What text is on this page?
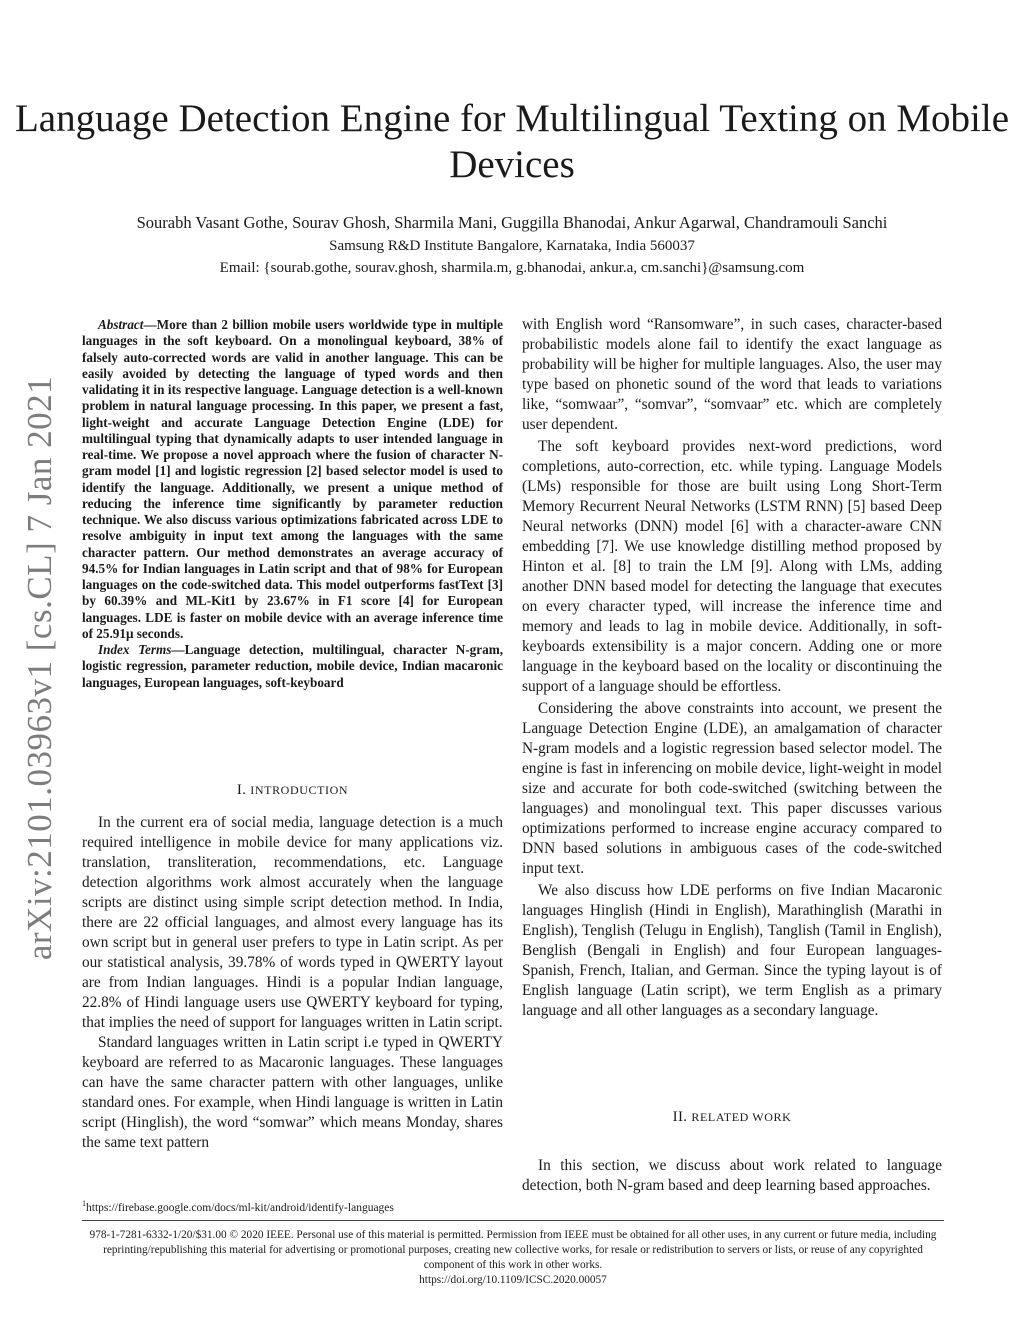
Language Detection Engine for Multilingual Texting on Mobile Devices
Sourabh Vasant Gothe, Sourav Ghosh, Sharmila Mani, Guggilla Bhanodai, Ankur Agarwal, Chandramouli Sanchi
Samsung R&D Institute Bangalore, Karnataka, India 560037
Email: {sourab.gothe, sourav.ghosh, sharmila.m, g.bhanodai, ankur.a, cm.sanchi}@samsung.com
arXiv:2101.03963v1 [cs.CL] 7 Jan 2021
Abstract—More than 2 billion mobile users worldwide type in multiple languages in the soft keyboard. On a monolingual keyboard, 38% of falsely auto-corrected words are valid in another language. This can be easily avoided by detecting the language of typed words and then validating it in its respective language. Language detection is a well-known problem in natural language processing. In this paper, we present a fast, light-weight and accurate Language Detection Engine (LDE) for multilingual typing that dynamically adapts to user intended language in real-time. We propose a novel approach where the fusion of character N-gram model [1] and logistic regression [2] based selector model is used to identify the language. Additionally, we present a unique method of reducing the inference time significantly by parameter reduction technique. We also discuss various optimizations fabricated across LDE to resolve ambiguity in input text among the languages with the same character pattern. Our method demonstrates an average accuracy of 94.5% for Indian languages in Latin script and that of 98% for European languages on the code-switched data. This model outperforms fastText [3] by 60.39% and ML-Kit1 by 23.67% in F1 score [4] for European languages. LDE is faster on mobile device with an average inference time of 25.91μ seconds.
Index Terms—Language detection, multilingual, character N-gram, logistic regression, parameter reduction, mobile device, Indian macaronic languages, European languages, soft-keyboard
I. INTRODUCTION

In the current era of social media, language detection is a much required intelligence in mobile device for many applications viz. translation, transliteration, recommendations, etc. Language detection algorithms work almost accurately when the language scripts are distinct using simple script detection method. In India, there are 22 official languages, and almost every language has its own script but in general user prefers to type in Latin script. As per our statistical analysis, 39.78% of words typed in QWERTY layout are from Indian languages. Hindi is a popular Indian language, 22.8% of Hindi language users use QWERTY keyboard for typing, that implies the need of support for languages written in Latin script.

Standard languages written in Latin script i.e typed in QWERTY keyboard are referred to as Macaronic languages. These languages can have the same character pattern with other languages, unlike standard ones. For example, when Hindi language is written in Latin script (Hinglish), the word “somwar” which means Monday, shares the same text pattern

$^1$https://firebase.google.com/docs/ml-kit/android/identify-languages

with English word “Ransomware”, in such cases, character-based probabilistic models alone fail to identify the exact language as probability will be higher for multiple languages. Also, the user may type based on phonetic sound of the word that leads to variations like, “somwaar”, “somvar”, “somvaar” etc. which are completely user dependent.

The soft keyboard provides next-word predictions, word completions, auto-correction, etc. while typing. Language Models (LMs) responsible for those are built using Long Short-Term Memory Recurrent Neural Networks (LSTM RNN) [5] based Deep Neural networks (DNN) model [6] with a character-aware CNN embedding [7]. We use knowledge distilling method proposed by Hinton et al. [8] to train the LM [9]. Along with LMs, adding another DNN based model for detecting the language that executes on every character typed, will increase the inference time and memory and leads to lag in mobile device. Additionally, in soft-keyboards extensibility is a major concern. Adding one or more language in the keyboard based on the locality or discontinuing the support of a language should be effortless.

Considering the above constraints into account, we present the Language Detection Engine (LDE), an amalgamation of character N-gram models and a logistic regression based selector model. The engine is fast in inferencing on mobile device, light-weight in model size and accurate for both code-switched (switching between the languages) and monolingual text. This paper discusses various optimizations performed to increase engine accuracy compared to DNN based solutions in ambiguous cases of the code-switched input text.

We also discuss how LDE performs on five Indian Macaronic languages Hinglish (Hindi in English), Marathinglish (Marathi in English), Tenglish (Telugu in English), Tanglish (Tamil in English), Benglish (Bengali in English) and four European languages- Spanish, French, Italian, and German. Since the typing layout is of English language (Latin script), we term English as a primary language and all other languages as a secondary language.

II. RELATED WORK

In this section, we discuss about work related to language detection, both N-gram based and deep learning based approaches.

978-1-7281-6332-1/20/$31.00 © 2020 IEEE. Personal use of this material is permitted. Permission from IEEE must be obtained for all other uses, in any current or future media, including reprinting/republishing this material for advertising or promotional purposes, creating new collective works, for resale or redistribution to servers or lists, or reuse of any copyrighted component of this work in other works.
https://doi.org/10.1109/ICSC.2020.00057
